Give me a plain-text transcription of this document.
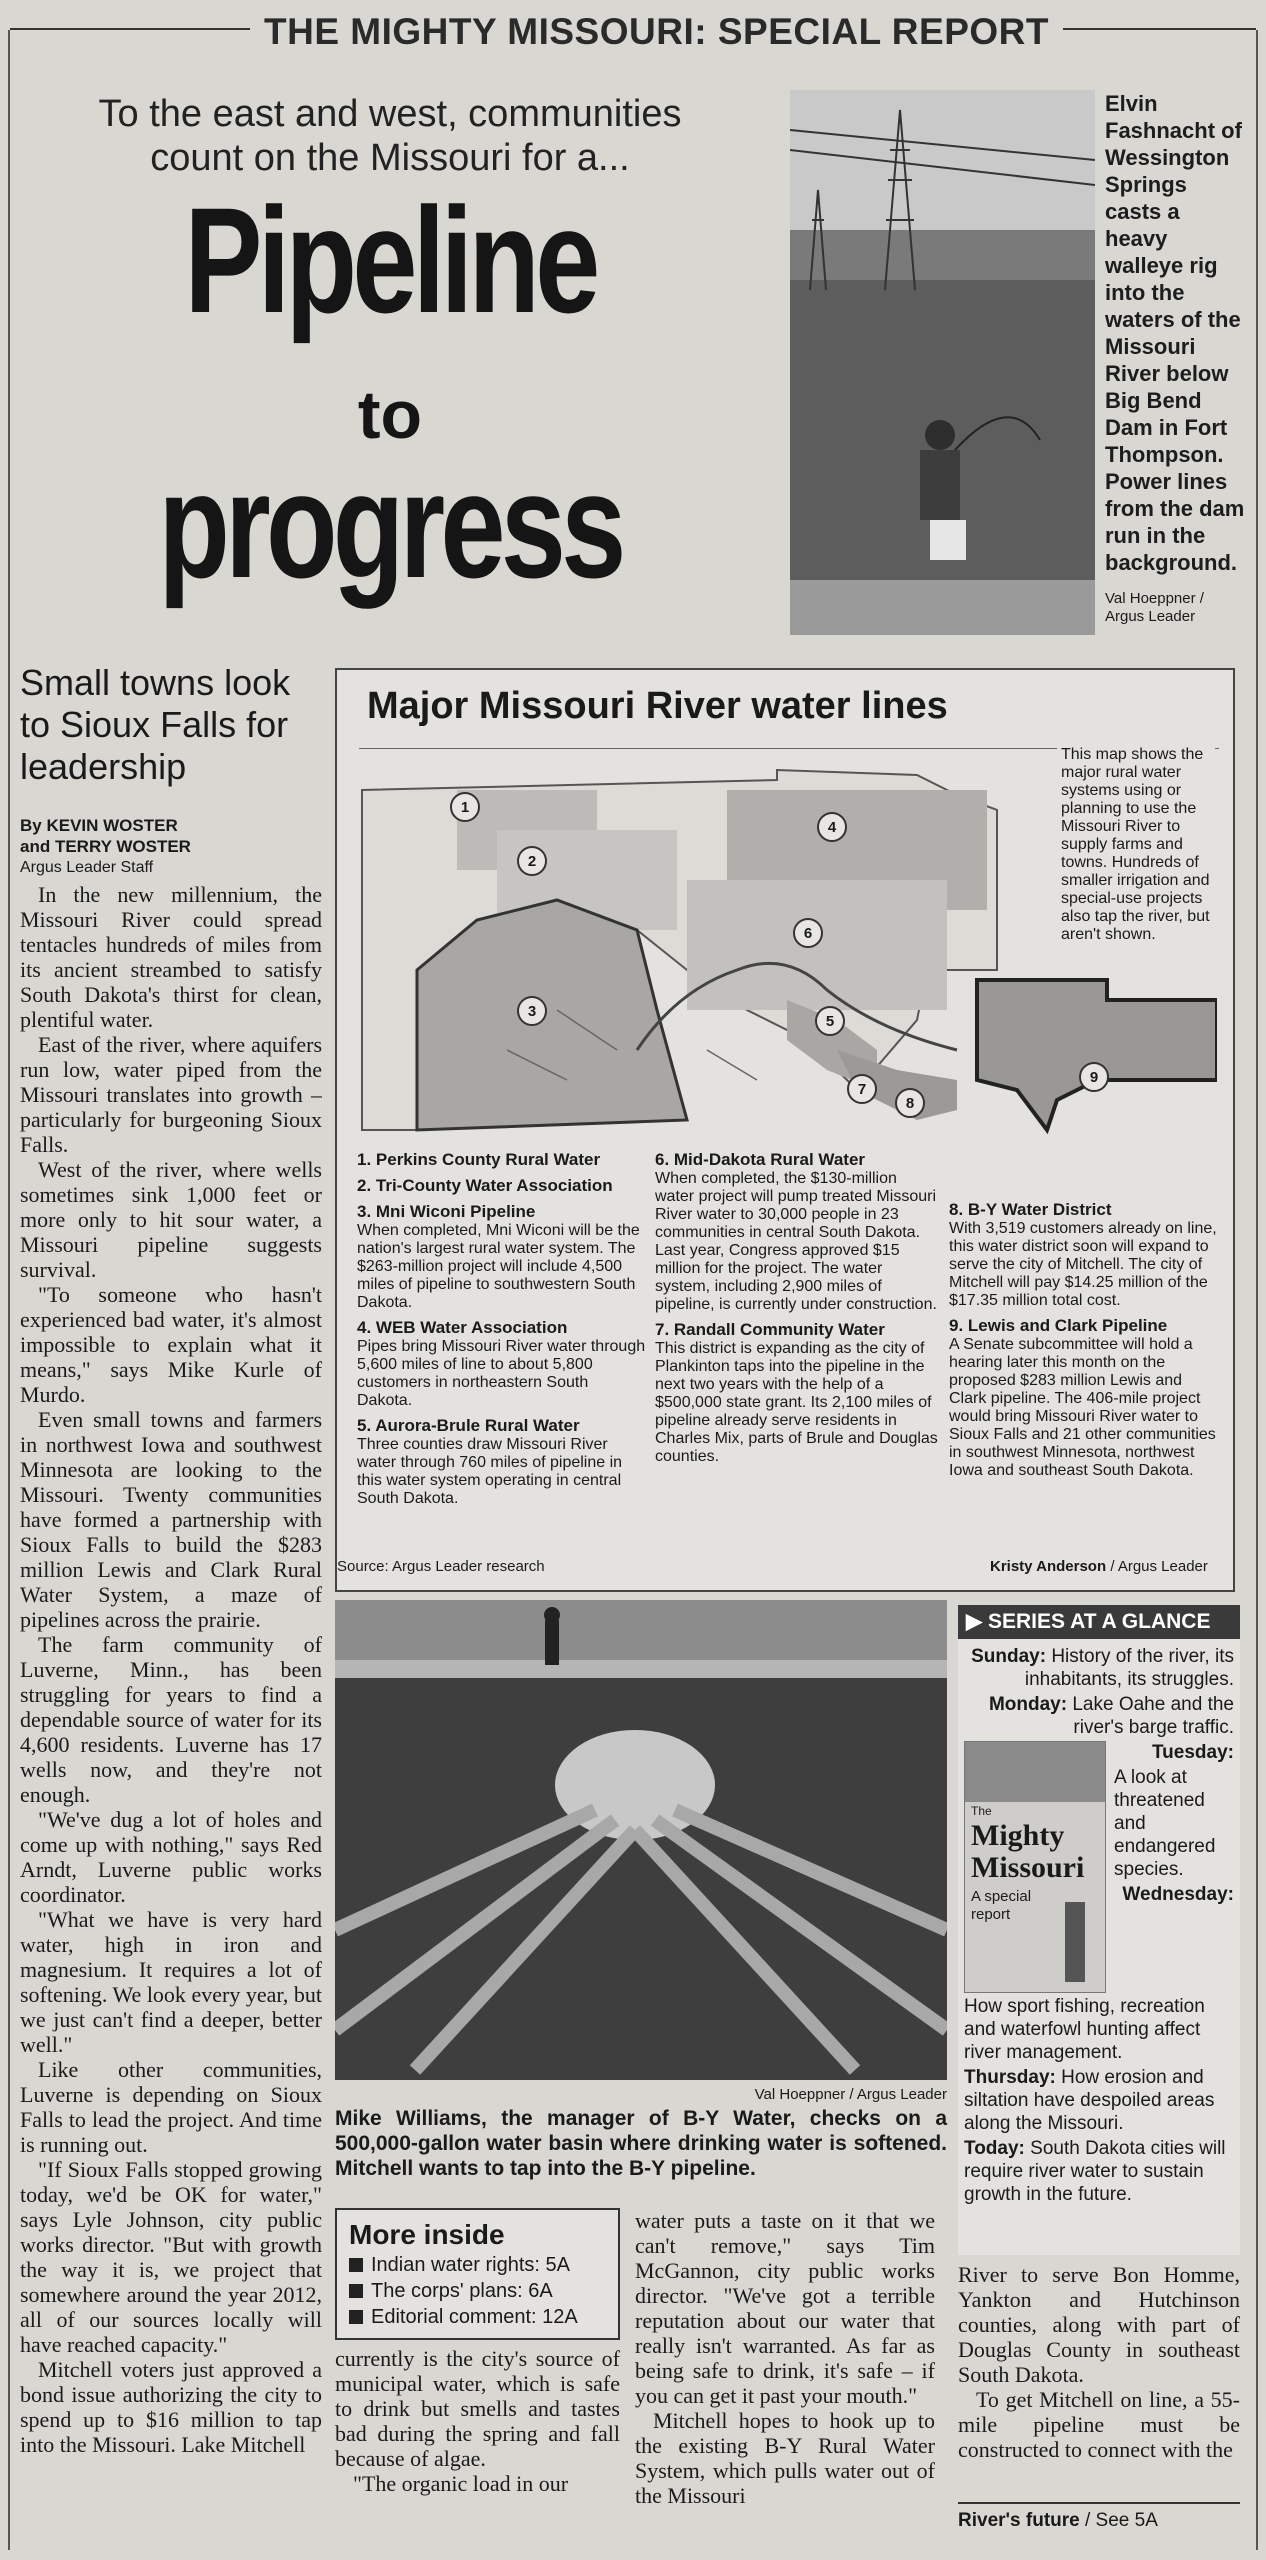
THE MIGHTY MISSOURI: SPECIAL REPORT
To the east and west, communities count on the Missouri for a...
Pipeline
to
progress
Elvin Fashnacht of Wessington Springs casts a heavy walleye rig into the waters of the Missouri River below Big Bend Dam in Fort Thompson. Power lines from the dam run in the background.
Val Hoeppner /
Argus Leader
Small towns look to Sioux Falls for leadership
By KEVIN WOSTER
and TERRY WOSTER
Argus Leader Staff

In the new millennium, the Missouri River could spread tentacles hundreds of miles from its ancient streambed to satisfy South Dakota's thirst for clean, plentiful water.

East of the river, where aquifers run low, water piped from the Missouri translates into growth – particularly for burgeoning Sioux Falls.

West of the river, where wells sometimes sink 1,000 feet or more only to hit sour water, a Missouri pipeline suggests survival.

"To someone who hasn't experienced bad water, it's almost impossible to explain what it means," says Mike Kurle of Murdo.

Even small towns and farmers in northwest Iowa and southwest Minnesota are looking to the Missouri. Twenty communities have formed a partnership with Sioux Falls to build the $283 million Lewis and Clark Rural Water System, a maze of pipelines across the prairie.

The farm community of Luverne, Minn., has been struggling for years to find a dependable source of water for its 4,600 residents. Luverne has 17 wells now, and they're not enough.

"We've dug a lot of holes and come up with nothing," says Red Arndt, Luverne public works coordinator.

"What we have is very hard water, high in iron and magnesium. It requires a lot of softening. We look every year, but we just can't find a deeper, better well."

Like other communities, Luverne is depending on Sioux Falls to lead the project. And time is running out.

"If Sioux Falls stopped growing today, we'd be OK for water," says Lyle Johnson, city public works director. "But with growth the way it is, we project that somewhere around the year 2012, all of our sources locally will have reached capacity."

Mitchell voters just approved a bond issue authorizing the city to spend up to $16 million to tap into the Missouri. Lake Mitchell

Major Missouri River water lines
1
2
3
4
5
6
7
8
9
This map shows the major rural water systems using or planning to use the Missouri River to supply farms and towns. Hundreds of smaller irrigation and special-use projects also tap the river, but aren't shown.
1. Perkins County Rural Water
2. Tri-County Water Association
3. Mni Wiconi Pipeline

When completed, Mni Wiconi will be the nation's largest rural water system. The $263-million project will include 4,500 miles of pipeline to southwestern South Dakota.

4. WEB Water Association

Pipes bring Missouri River water through 5,600 miles of line to about 5,800 customers in northeastern South Dakota.

5. Aurora-Brule Rural Water

Three counties draw Missouri River water through 760 miles of pipeline in this water system operating in central South Dakota.

6. Mid-Dakota Rural Water

When completed, the $130-million water project will pump treated Missouri River water to 30,000 people in 23 communities in central South Dakota. Last year, Congress approved $15 million for the project. The water system, including 2,900 miles of pipeline, is currently under construction.

7. Randall Community Water

This district is expanding as the city of Plankinton taps into the pipeline in the next two years with the help of a $500,000 state grant. Its 2,100 miles of pipeline already serve residents in Charles Mix, parts of Brule and Douglas counties.

8. B-Y Water District

With 3,519 customers already on line, this water district soon will expand to serve the city of Mitchell. The city of Mitchell will pay $14.25 million of the $17.35 million total cost.

9. Lewis and Clark Pipeline

A Senate subcommittee will hold a hearing later this month on the proposed $283 million Lewis and Clark pipeline. The 406-mile project would bring Missouri River water to Sioux Falls and 21 other communities in southwest Minnesota, northwest Iowa and southeast South Dakota.

Source: Argus Leader research	Kristy Anderson / Argus Leader
Val Hoeppner / Argus Leader
Mike Williams, the manager of B-Y Water, checks on a 500,000-gallon water basin where drinking water is softened. Mitchell wants to tap into the B-Y pipeline.
More inside
Indian water rights: 5A
The corps' plans: 6A
Editorial comment: 12A

currently is the city's source of municipal water, which is safe to drink but smells and tastes bad during the spring and fall because of algae.

"The organic load in our

water puts a taste on it that we can't remove," says Tim McGannon, city public works director. "We've got a terrible reputation about our water that really isn't warranted. As far as being safe to drink, it's safe – if you can get it past your mouth."

Mitchell hopes to hook up to the existing B-Y Rural Water System, which pulls water out of the Missouri

▶ SERIES AT A GLANCE

Sunday: History of the river, its inhabitants, its struggles.

Monday: Lake Oahe and the river's barge traffic.

The
Mighty
Missouri
A special report

Tuesday:

A look at threatened and endangered species.

Wednesday:

How sport fishing, recreation and waterfowl hunting affect river management.

Thursday: How erosion and siltation have despoiled areas along the Missouri.

Today: South Dakota cities will require river water to sustain growth in the future.

River to serve Bon Homme, Yankton and Hutchinson counties, along with part of Douglas County in southeast South Dakota.

To get Mitchell on line, a 55-mile pipeline must be constructed to connect with the

River's future / See 5A
